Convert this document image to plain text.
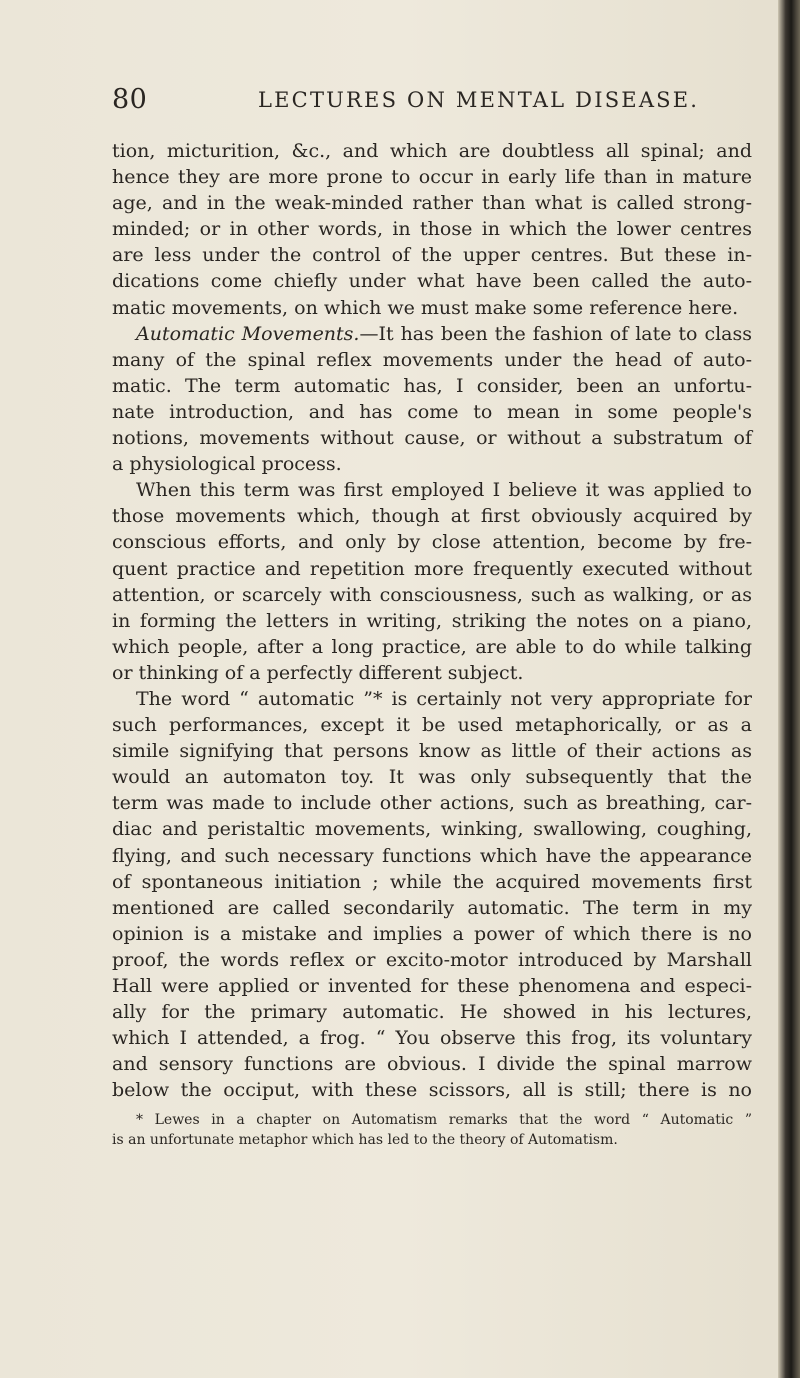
80	LECTURES ON MENTAL DISEASE.
tion, micturition, &c., and which are doubtless all spinal; and
hence they are more prone to occur in early life than in mature
age, and in the weak-minded rather than what is called strong-
minded; or in other words, in those in which the lower centres
are less under the control of the upper centres. But these in-
dications come chiefly under what have been called the auto-
matic movements, on which we must make some reference here.
Automatic Movements.—It has been the fashion of late to class
many of the spinal reflex movements under the head of auto-
matic. The term automatic has, I consider, been an unfortu-
nate introduction, and has come to mean in some people's
notions, movements without cause, or without a substratum of
a physiological process.
When this term was first employed I believe it was applied to
those movements which, though at first obviously acquired by
conscious efforts, and only by close attention, become by fre-
quent practice and repetition more frequently executed without
attention, or scarcely with consciousness, such as walking, or as
in forming the letters in writing, striking the notes on a piano,
which people, after a long practice, are able to do while talking
or thinking of a perfectly different subject.
The word “ automatic ”* is certainly not very appropriate for
such performances, except it be used metaphorically, or as a
simile signifying that persons know as little of their actions as
would an automaton toy. It was only subsequently that the
term was made to include other actions, such as breathing, car-
diac and peristaltic movements, winking, swallowing, coughing,
flying, and such necessary functions which have the appearance
of spontaneous initiation ; while the acquired movements first
mentioned are called secondarily automatic. The term in my
opinion is a mistake and implies a power of which there is no
proof, the words reflex or excito-motor introduced by Marshall
Hall were applied or invented for these phenomena and especi-
ally for the primary automatic. He showed in his lectures,
which I attended, a frog. “ You observe this frog, its voluntary
and sensory functions are obvious. I divide the spinal marrow
below the occiput, with these scissors, all is still; there is no
* Lewes in a chapter on Automatism remarks that the word “ Automatic ”
is an unfortunate metaphor which has led to the theory of Automatism.
